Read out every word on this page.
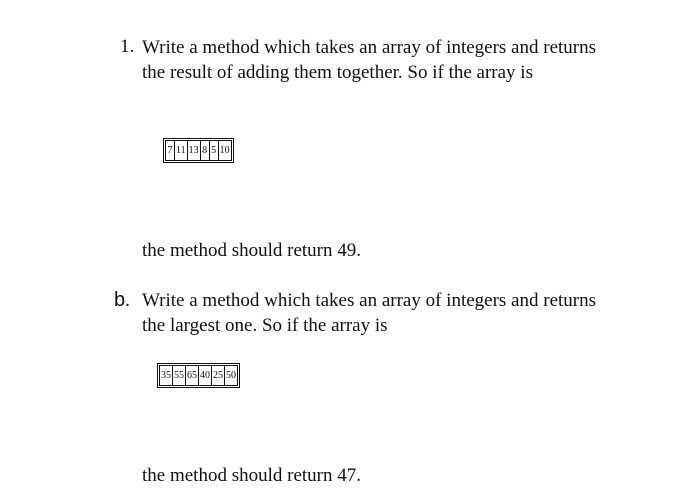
1. Write a method which takes an array of integers and returns the result of adding them together. So if the array is

7 11 13 8 5 10

the method should return 49.

b. Write a method which takes an array of integers and returns the largest one. So if the array is

35 55 65 40 25 50

the method should return 47.
